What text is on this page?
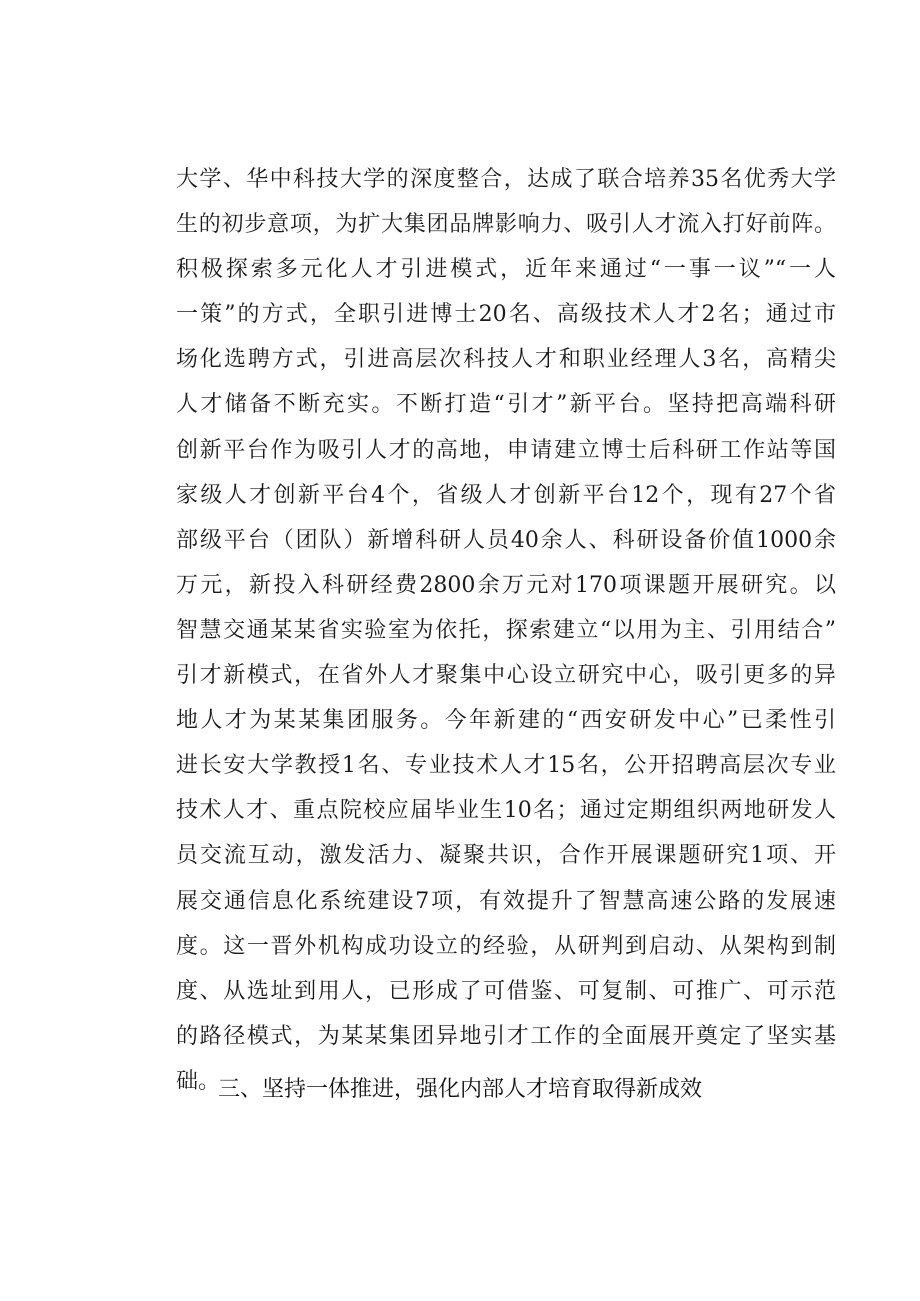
大学、华中科技大学的深度整合，达成了联合培养35名优秀大学
生的初步意项，为扩大集团品牌影响力、吸引人才流入打好前阵。
积极探索多元化人才引进模式，近年来通过“一事一议”“一人
一策”的方式，全职引进博士20名、高级技术人才2名；通过市
场化选聘方式，引进高层次科技人才和职业经理人3名，高精尖
人才储备不断充实。不断打造“引才”新平台。坚持把高端科研
创新平台作为吸引人才的高地，申请建立博士后科研工作站等国
家级人才创新平台4个，省级人才创新平台12个，现有27个省
部级平台（团队）新增科研人员40余人、科研设备价值1000余
万元，新投入科研经费2800余万元对170项课题开展研究。以
智慧交通某某省实验室为依托，探索建立“以用为主、引用结合”
引才新模式，在省外人才聚集中心设立研究中心，吸引更多的异
地人才为某某集团服务。今年新建的“西安研发中心”已柔性引
进长安大学教授1名、专业技术人才15名，公开招聘高层次专业
技术人才、重点院校应届毕业生10名；通过定期组织两地研发人
员交流互动，激发活力、凝聚共识，合作开展课题研究1项、开
展交通信息化系统建设7项，有效提升了智慧高速公路的发展速
度。这一晋外机构成功设立的经验，从研判到启动、从架构到制
度、从选址到用人，已形成了可借鉴、可复制、可推广、可示范
的路径模式，为某某集团异地引才工作的全面展开奠定了坚实基
础。
三、坚持一体推进，强化内部人才培育取得新成效
